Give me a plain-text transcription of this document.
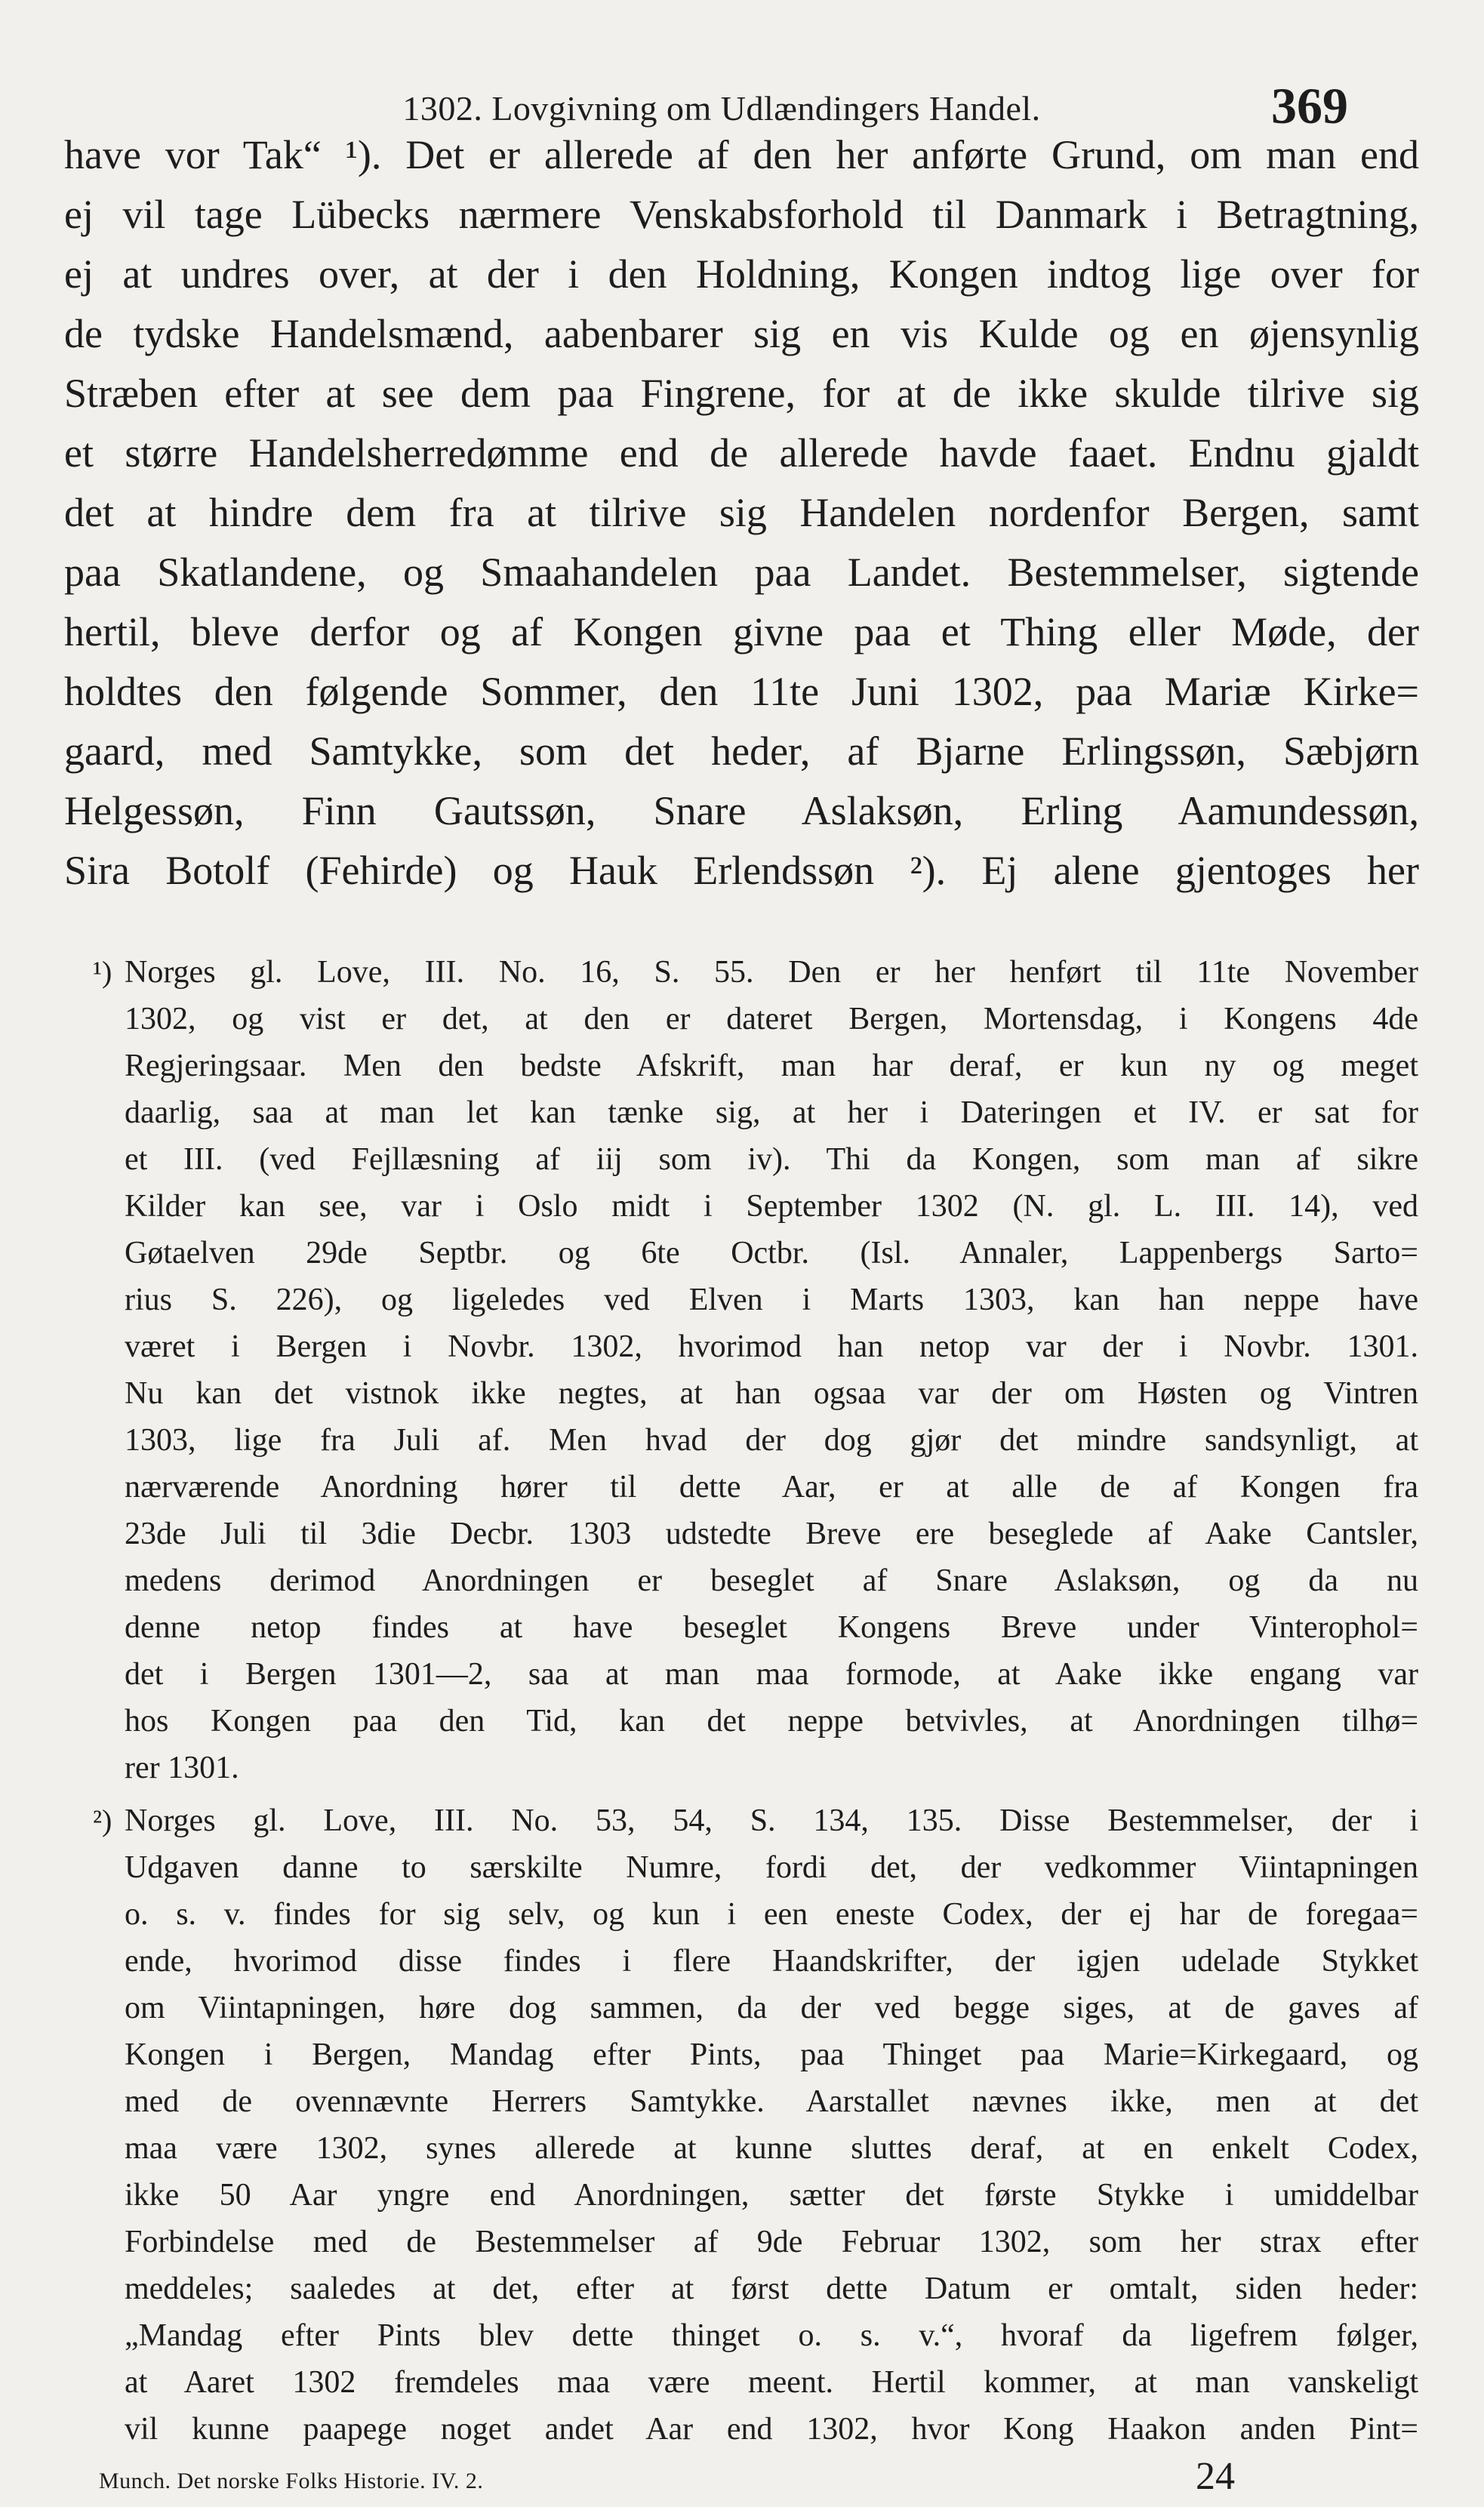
1302. Lovgivning om Udlændingers Handel.	369
have vor Tak“ ¹). Det er allerede af den her anførte Grund, om man end
ej vil tage Lübecks nærmere Venskabsforhold til Danmark i Betragtning,
ej at undres over, at der i den Holdning, Kongen indtog lige over for
de tydske Handelsmænd, aabenbarer sig en vis Kulde og en øjensynlig
Stræben efter at see dem paa Fingrene, for at de ikke skulde tilrive sig
et større Handelsherredømme end de allerede havde faaet. Endnu gjaldt
det at hindre dem fra at tilrive sig Handelen nordenfor Bergen, samt
paa Skatlandene, og Smaahandelen paa Landet. Bestemmelser, sigtende
hertil, bleve derfor og af Kongen givne paa et Thing eller Møde, der
holdtes den følgende Sommer, den 11te Juni 1302, paa Mariæ Kirke=
gaard, med Samtykke, som det heder, af Bjarne Erlingssøn, Sæbjørn
Helgessøn, Finn Gautssøn, Snare Aslaksøn, Erling Aamundessøn,
Sira Botolf (Fehirde) og Hauk Erlendssøn ²). Ej alene gjentoges her
¹) Norges gl. Love, III. No. 16, S. 55. Den er her henført til 11te November
1302, og vist er det, at den er dateret Bergen, Mortensdag, i Kongens 4de
Regjeringsaar. Men den bedste Afskrift, man har deraf, er kun ny og meget
daarlig, saa at man let kan tænke sig, at her i Dateringen et IV. er sat for
et III. (ved Fejllæsning af iij som iv). Thi da Kongen, som man af sikre
Kilder kan see, var i Oslo midt i September 1302 (N. gl. L. III. 14), ved
Gøtaelven 29de Septbr. og 6te Octbr. (Isl. Annaler, Lappenbergs Sarto=
rius S. 226), og ligeledes ved Elven i Marts 1303, kan han neppe have
været i Bergen i Novbr. 1302, hvorimod han netop var der i Novbr. 1301.
Nu kan det vistnok ikke negtes, at han ogsaa var der om Høsten og Vintren
1303, lige fra Juli af. Men hvad der dog gjør det mindre sandsynligt, at
nærværende Anordning hører til dette Aar, er at alle de af Kongen fra
23de Juli til 3die Decbr. 1303 udstedte Breve ere beseglede af Aake Cantsler,
medens derimod Anordningen er beseglet af Snare Aslaksøn, og da nu
denne netop findes at have beseglet Kongens Breve under Vinterophol=
det i Bergen 1301—2, saa at man maa formode, at Aake ikke engang var
hos Kongen paa den Tid, kan det neppe betvivles, at Anordningen tilhø=
rer 1301.
²) Norges gl. Love, III. No. 53, 54, S. 134, 135. Disse Bestemmelser, der i
Udgaven danne to særskilte Numre, fordi det, der vedkommer Viintapningen
o. s. v. findes for sig selv, og kun i een eneste Codex, der ej har de foregaa=
ende, hvorimod disse findes i flere Haandskrifter, der igjen udelade Stykket
om Viintapningen, høre dog sammen, da der ved begge siges, at de gaves af
Kongen i Bergen, Mandag efter Pints, paa Thinget paa Marie=Kirkegaard, og
med de ovennævnte Herrers Samtykke. Aarstallet nævnes ikke, men at det
maa være 1302, synes allerede at kunne sluttes deraf, at en enkelt Codex,
ikke 50 Aar yngre end Anordningen, sætter det første Stykke i umiddelbar
Forbindelse med de Bestemmelser af 9de Februar 1302, som her strax efter
meddeles; saaledes at det, efter at først dette Datum er omtalt, siden heder:
„Mandag efter Pints blev dette thinget o. s. v.“, hvoraf da ligefrem følger,
at Aaret 1302 fremdeles maa være meent. Hertil kommer, at man vanskeligt
vil kunne paapege noget andet Aar end 1302, hvor Kong Haakon anden Pint=
Munch. Det norske Folks Historie. IV. 2.	24
